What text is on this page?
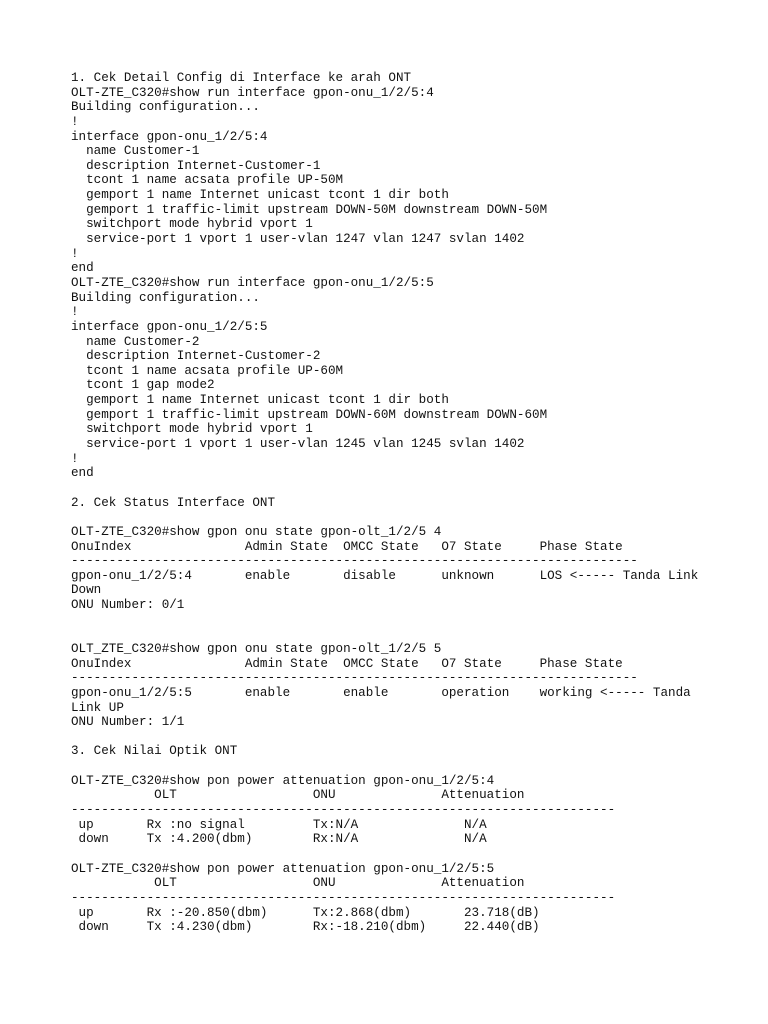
1. Cek Detail Config di Interface ke arah ONT
OLT-ZTE_C320#show run interface gpon-onu_1/2/5:4
Building configuration...
!
interface gpon-onu_1/2/5:4
name Customer-1
description Internet-Customer-1
tcont 1 name acsata profile UP-50M
gemport 1 name Internet unicast tcont 1 dir both
gemport 1 traffic-limit upstream DOWN-50M downstream DOWN-50M
switchport mode hybrid vport 1
service-port 1 vport 1 user-vlan 1247 vlan 1247 svlan 1402
!
end
OLT-ZTE_C320#show run interface gpon-onu_1/2/5:5
Building configuration...
!
interface gpon-onu_1/2/5:5
name Customer-2
description Internet-Customer-2
tcont 1 name acsata profile UP-60M
tcont 1 gap mode2
gemport 1 name Internet unicast tcont 1 dir both
gemport 1 traffic-limit upstream DOWN-60M downstream DOWN-60M
switchport mode hybrid vport 1
service-port 1 vport 1 user-vlan 1245 vlan 1245 svlan 1402
!
end
2. Cek Status Interface ONT
OLT-ZTE_C320#show gpon onu state gpon-olt_1/2/5 4
OnuIndex               Admin State  OMCC State   O7 State     Phase State
---------------------------------------------------------------------------
gpon-onu_1/2/5:4       enable       disable      unknown      LOS <----- Tanda Link
Down
ONU Number: 0/1
OLT_ZTE_C320#show gpon onu state gpon-olt_1/2/5 5
OnuIndex               Admin State  OMCC State   O7 State     Phase State
---------------------------------------------------------------------------
gpon-onu_1/2/5:5       enable       enable       operation    working <----- Tanda
Link UP
ONU Number: 1/1
3. Cek Nilai Optik ONT
OLT-ZTE_C320#show pon power attenuation gpon-onu_1/2/5:4
OLT                  ONU              Attenuation
------------------------------------------------------------------------
up       Rx :no signal         Tx:N/A              N/A
down     Tx :4.200(dbm)        Rx:N/A              N/A
OLT-ZTE_C320#show pon power attenuation gpon-onu_1/2/5:5
OLT                  ONU              Attenuation
------------------------------------------------------------------------
up       Rx :-20.850(dbm)      Tx:2.868(dbm)       23.718(dB)
down     Tx :4.230(dbm)        Rx:-18.210(dbm)     22.440(dB)
